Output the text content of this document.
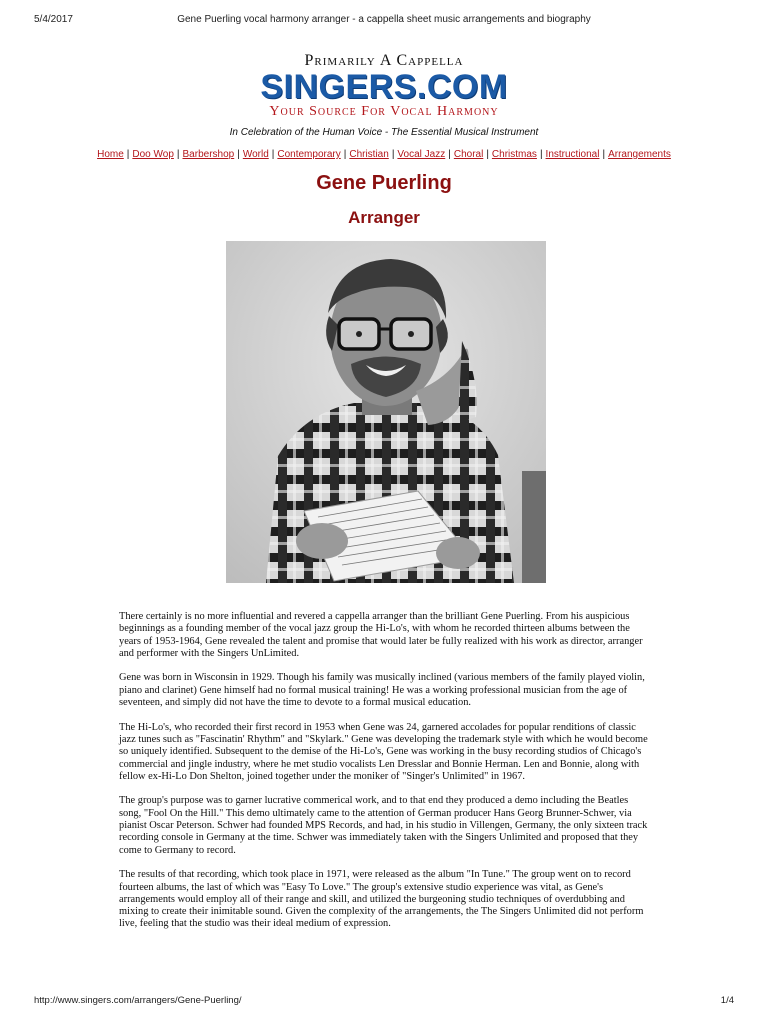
5/4/2017	Gene Puerling vocal harmony arranger - a cappella sheet music arrangements and biography
Primarily A Cappella
SINGERS.COM
Your Source For Vocal Harmony
In Celebration of the Human Voice - The Essential Musical Instrument
Home | Doo Wop | Barbershop | World | Contemporary | Christian | Vocal Jazz | Choral | Christmas | Instructional | Arrangements
Gene Puerling
Arranger

There certainly is no more influential and revered a cappella arranger than the brilliant Gene Puerling. From his auspicious beginnings as a founding member of the vocal jazz group the Hi-Lo's, with whom he recorded thirteen albums between the years of 1953-1964, Gene revealed the talent and promise that would later be fully realized with his work as director, arranger and performer with the Singers UnLimited.

Gene was born in Wisconsin in 1929. Though his family was musically inclined (various members of the family played violin, piano and clarinet) Gene himself had no formal musical training! He was a working professional musician from the age of seventeen, and simply did not have the time to devote to a formal musical education.

The Hi-Lo's, who recorded their first record in 1953 when Gene was 24, garnered accolades for popular renditions of classic jazz tunes such as "Fascinatin' Rhythm" and "Skylark." Gene was developing the trademark style with which he would become so uniquely identified. Subsequent to the demise of the Hi-Lo's, Gene was working in the busy recording studios of Chicago's commercial and jingle industry, where he met studio vocalists Len Dresslar and Bonnie Herman. Len and Bonnie, along with fellow ex-Hi-Lo Don Shelton, joined together under the moniker of "Singer's Unlimited" in 1967.

The group's purpose was to garner lucrative commerical work, and to that end they produced a demo including the Beatles song, "Fool On the Hill." This demo ultimately came to the attention of German producer Hans Georg Brunner-Schwer, via pianist Oscar Peterson. Schwer had founded MPS Records, and had, in his studio in Villengen, Germany, the only sixteen track recording console in Germany at the time. Schwer was immediately taken with the Singers Unlimited and proposed that they come to Germany to record.

The results of that recording, which took place in 1971, were released as the album "In Tune." The group went on to record fourteen albums, the last of which was "Easy To Love." The group's extensive studio experience was vital, as Gene's arrangements would employ all of their range and skill, and utilized the burgeoning studio techniques of overdubbing and mixing to create their inimitable sound. Given the complexity of the arrangements, the The Singers Unlimited did not perform live, feeling that the studio was their ideal medium of expression.

http://www.singers.com/arrangers/Gene-Puerling/	1/4
